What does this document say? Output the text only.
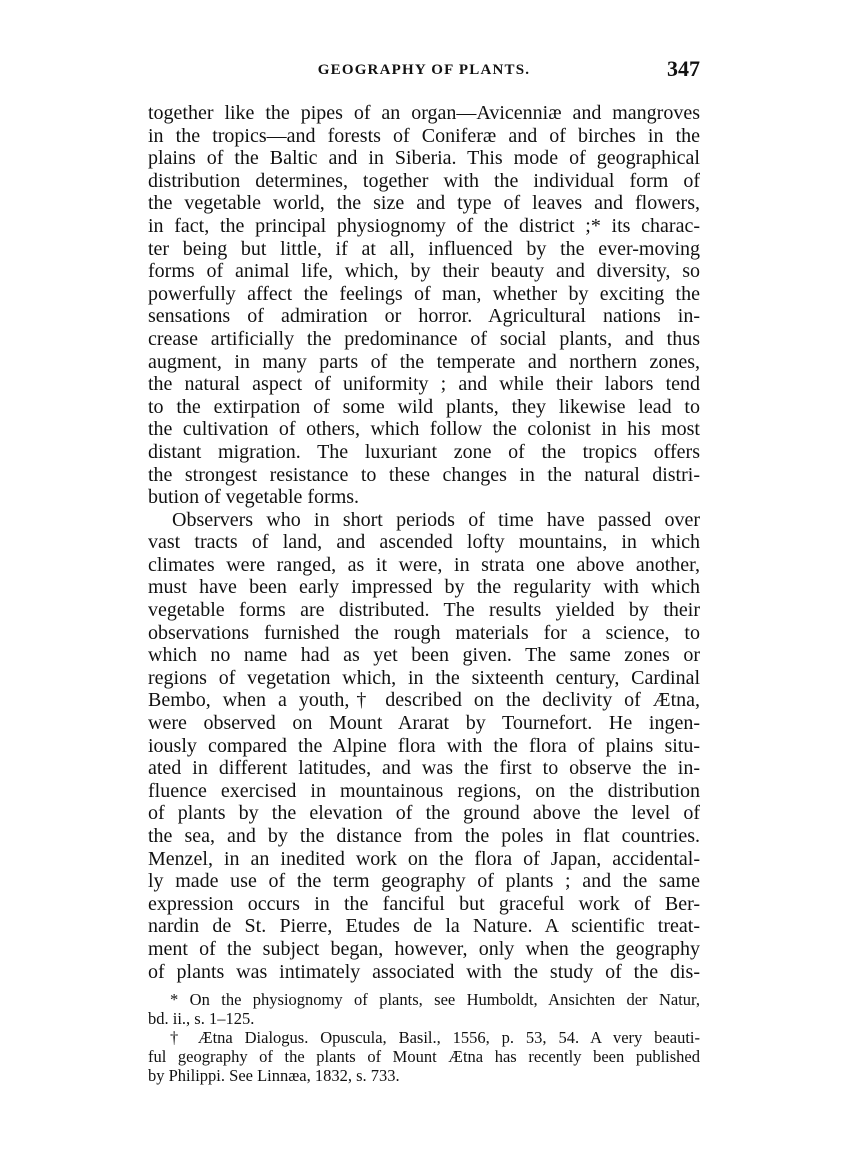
GEOGRAPHY OF PLANTS.	347
together like the pipes of an organ—Avicenniæ and mangroves
in the tropics—and forests of Coniferæ and of birches in the
plains of the Baltic and in Siberia. This mode of geographical
distribution determines, together with the individual form of
the vegetable world, the size and type of leaves and flowers,
in fact, the principal physiognomy of the district ;* its charac-
ter being but little, if at all, influenced by the ever-moving
forms of animal life, which, by their beauty and diversity, so
powerfully affect the feelings of man, whether by exciting the
sensations of admiration or horror. Agricultural nations in-
crease artificially the predominance of social plants, and thus
augment, in many parts of the temperate and northern zones,
the natural aspect of uniformity ; and while their labors tend
to the extirpation of some wild plants, they likewise lead to
the cultivation of others, which follow the colonist in his most
distant migration. The luxuriant zone of the tropics offers
the strongest resistance to these changes in the natural distri-
bution of vegetable forms.
Observers who in short periods of time have passed over
vast tracts of land, and ascended lofty mountains, in which
climates were ranged, as it were, in strata one above another,
must have been early impressed by the regularity with which
vegetable forms are distributed. The results yielded by their
observations furnished the rough materials for a science, to
which no name had as yet been given. The same zones or
regions of vegetation which, in the sixteenth century, Cardinal
Bembo, when a youth,† described on the declivity of Ætna,
were observed on Mount Ararat by Tournefort. He ingen-
iously compared the Alpine flora with the flora of plains situ-
ated in different latitudes, and was the first to observe the in-
fluence exercised in mountainous regions, on the distribution
of plants by the elevation of the ground above the level of
the sea, and by the distance from the poles in flat countries.
Menzel, in an inedited work on the flora of Japan, accidental-
ly made use of the term geography of plants ; and the same
expression occurs in the fanciful but graceful work of Ber-
nardin de St. Pierre, Etudes de la Nature. A scientific treat-
ment of the subject began, however, only when the geography
of plants was intimately associated with the study of the dis-
* On the physiognomy of plants, see Humboldt, Ansichten der Natur,
bd. ii., s. 1–125.
† Ætna Dialogus. Opuscula, Basil., 1556, p. 53, 54. A very beauti-
ful geography of the plants of Mount Ætna has recently been published
by Philippi. See Linnæa, 1832, s. 733.
